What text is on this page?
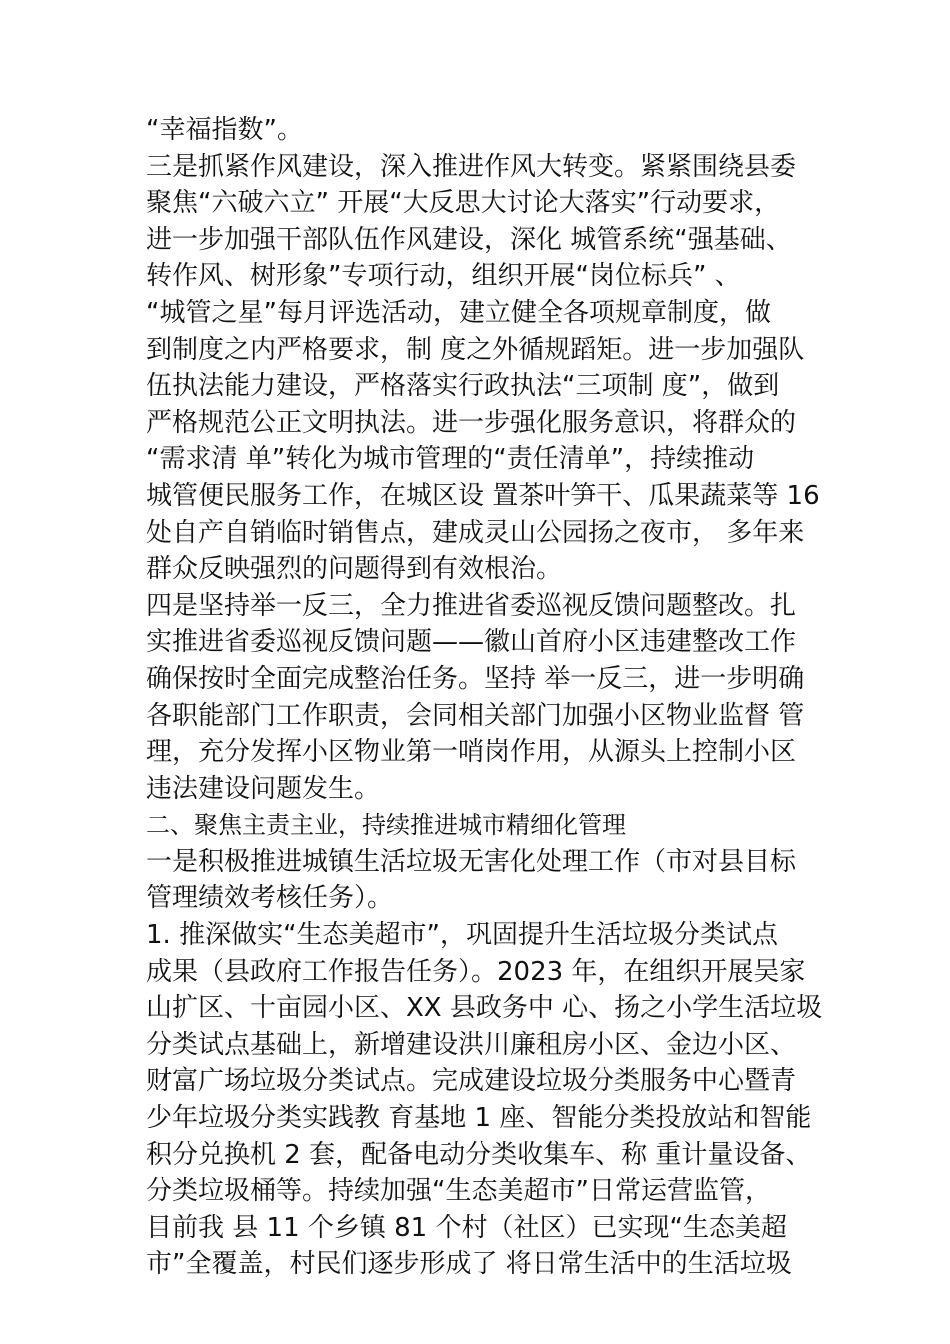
“幸福指数”。
三是抓紧作风建设，深入推进作风大转变。紧紧围绕县委
聚焦“六破六立” 开展“大反思大讨论大落实”行动要求，
进一步加强干部队伍作风建设，深化 城管系统“强基础、
转作风、树形象”专项行动，组织开展“岗位标兵” 、
“城管之星”每月评选活动，建立健全各项规章制度，做
到制度之内严格要求，制 度之外循规蹈矩。进一步加强队
伍执法能力建设，严格落实行政执法“三项制 度”，做到
严格规范公正文明执法。进一步强化服务意识，将群众的
“需求清 单”转化为城市管理的“责任清单”，持续推动
城管便民服务工作，在城区设 置茶叶笋干、瓜果蔬菜等 16
处自产自销临时销售点，建成灵山公园扬之夜市， 多年来
群众反映强烈的问题得到有效根治。
四是坚持举一反三，全力推进省委巡视反馈问题整改。扎
实推进省委巡视反馈问题——徽山首府小区违建整改工作
确保按时全面完成整治任务。坚持 举一反三，进一步明确
各职能部门工作职责，会同相关部门加强小区物业监督 管
理，充分发挥小区物业第一哨岗作用，从源头上控制小区
违法建设问题发生。
二、聚焦主责主业，持续推进城市精细化管理
一是积极推进城镇生活垃圾无害化处理工作（市对县目标
管理绩效考核任务）。
1. 推深做实“生态美超市”，巩固提升生活垃圾分类试点
成果（县政府工作报告任务）。2023 年，在组织开展吴家
山扩区、十亩园小区、XX 县政务中 心、扬之小学生活垃圾
分类试点基础上，新增建设洪川廉租房小区、金边小区、
财富广场垃圾分类试点。完成建设垃圾分类服务中心暨青
少年垃圾分类实践教 育基地 1 座、智能分类投放站和智能
积分兑换机 2 套，配备电动分类收集车、称 重计量设备、
分类垃圾桶等。持续加强“生态美超市”日常运营监管，
目前我 县 11 个乡镇 81 个村（社区）已实现“生态美超
市”全覆盖，村民们逐步形成了 将日常生活中的生活垃圾
